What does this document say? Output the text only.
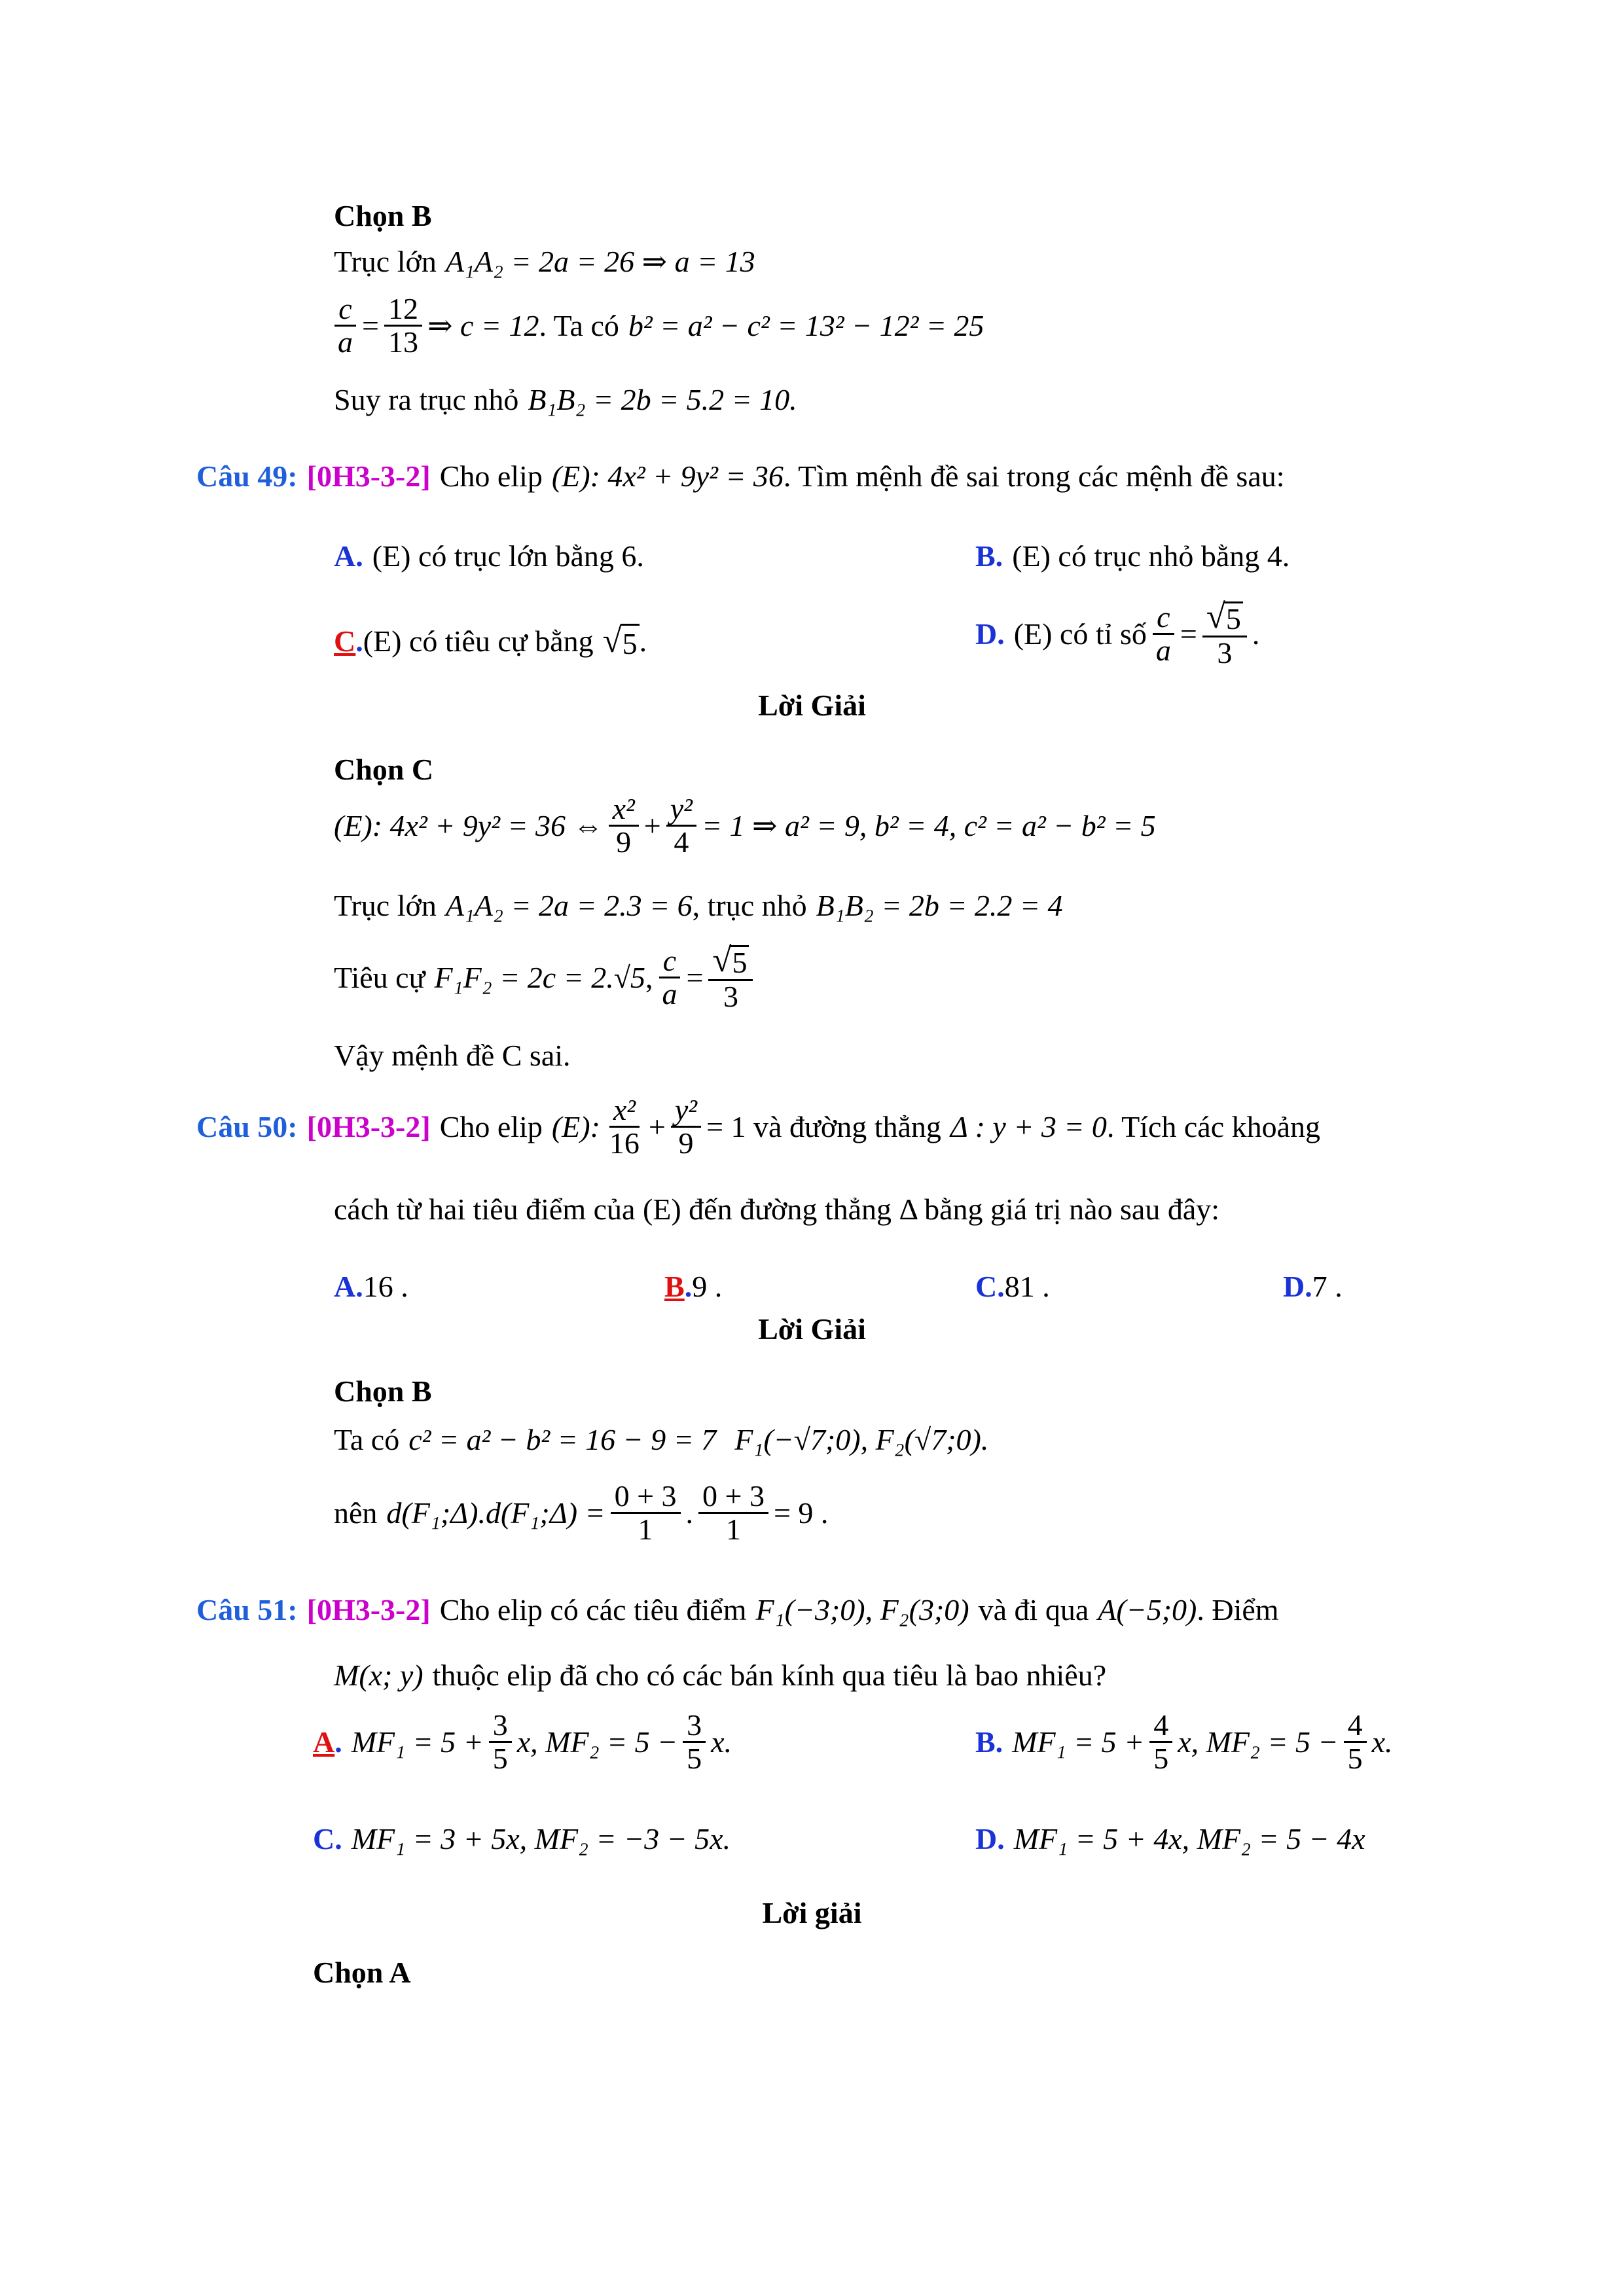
Chọn B
Trục lớn A₁A₂ = 2a = 26 ⇒ a = 13
$\frac{c}{a} = \frac{12}{13}$ ⇒ c = 12 . Ta có b² = a² − c² = 13² − 12² = 25
Suy ra trục nhỏ B₁B₂ = 2b = 5.2 = 10.
Câu 49: [0H3-3-2] Cho elip (E): 4x² + 9y² = 36 . Tìm mệnh đề sai trong các mệnh đề sau:
A. (E) có trục lớn bằng 6.	B. (E) có trục nhỏ bằng 4.
C . (E) có tiêu cự bằng √ 5 .	D. (E) có tỉ số $\frac{c}{a} = \frac{√ 5}{3}$ .
Lời Giải
Chọn C
(E): 4x² + 9y² = 36 ⇔ $\frac{\text{x²}}{9} + \frac{\text{y²}}{4} = 1$ ⇒ a² = 9, b² = 4, c² = a² − b² = 5
Trục lớn A₁A₂ = 2a = 2.3 = 6 , trục nhỏ B₁B₂ = 2b = 2.2 = 4
Tiêu cự F₁F₂ = 2c = 2.√5 , $\frac{c}{a} = \frac{√ 5}{3}$
Vậy mệnh đề C sai.
Câu 50: [0H3-3-2] Cho elip (E): $\frac{\text{x²}}{16} + \frac{\text{y²}}{9} = 1$ và đường thẳng Δ : y + 3 = 0 . Tích các khoảng
cách từ hai tiêu điểm của (E) đến đường thẳng Δ bằng giá trị nào sau đây:
A. 16 .	B . 9 .	C. 81 .	D. 7 .
Lời Giải
Chọn B
Ta có c² = a² − b² = 16 − 9 = 7 F₁(−√7;0), F₂(√7;0).
nên d(F₁;Δ).d(F₁;Δ) = $\frac{0 + 3}{1}$ . $\frac{0 + 3}{1} = 9$ .
Câu 51: [0H3-3-2] Cho elip có các tiêu điểm F₁(−3;0), F₂(3;0) và đi qua A(−5;0) . Điểm
M(x; y) thuộc elip đã cho có các bán kính qua tiêu là bao nhiêu?
A . $MF_1 = 5 + \frac{3}{5} x$, $MF_2 = 5 - \frac{3}{5} x$.	B. $MF_1 = 5 + \frac{4}{5} x$, $MF_2 = 5 - \frac{4}{5} x$.
C. MF₁ = 3 + 5x, MF₂ = −3 − 5x.	D. MF₁ = 5 + 4x, MF₂ = 5 − 4x
Lời giải
Chọn A
